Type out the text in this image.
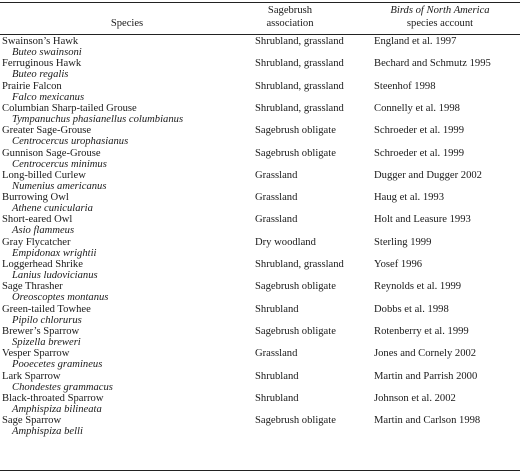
Species
Sagebrush
association
Birds of North America
species account
Swainson’s Hawk
Buteo swainsoni
Shrubland, grassland	England et al. 1997
Ferruginous Hawk
Buteo regalis
Shrubland, grassland	Bechard and Schmutz 1995
Prairie Falcon
Falco mexicanus
Shrubland, grassland	Steenhof 1998
Columbian Sharp-tailed Grouse
Tympanuchus phasianellus columbianus
Shrubland, grassland	Connelly et al. 1998
Greater Sage-Grouse
Centrocercus urophasianus
Sagebrush obligate	Schroeder et al. 1999
Gunnison Sage-Grouse
Centrocercus minimus
Sagebrush obligate	Schroeder et al. 1999
Long-billed Curlew
Numenius americanus
Grassland	Dugger and Dugger 2002
Burrowing Owl
Athene cunicularia
Grassland	Haug et al. 1993
Short-eared Owl
Asio flammeus
Grassland	Holt and Leasure 1993
Gray Flycatcher
Empidonax wrightii
Dry woodland	Sterling 1999
Loggerhead Shrike
Lanius ludovicianus
Shrubland, grassland	Yosef 1996
Sage Thrasher
Oreoscoptes montanus
Sagebrush obligate	Reynolds et al. 1999
Green-tailed Towhee
Pipilo chlorurus
Shrubland	Dobbs et al. 1998
Brewer’s Sparrow
Spizella breweri
Sagebrush obligate	Rotenberry et al. 1999
Vesper Sparrow
Pooecetes gramineus
Grassland	Jones and Cornely 2002
Lark Sparrow
Chondestes grammacus
Shrubland	Martin and Parrish 2000
Black-throated Sparrow
Amphispiza bilineata
Shrubland	Johnson et al. 2002
Sage Sparrow
Amphispiza belli
Sagebrush obligate	Martin and Carlson 1998
